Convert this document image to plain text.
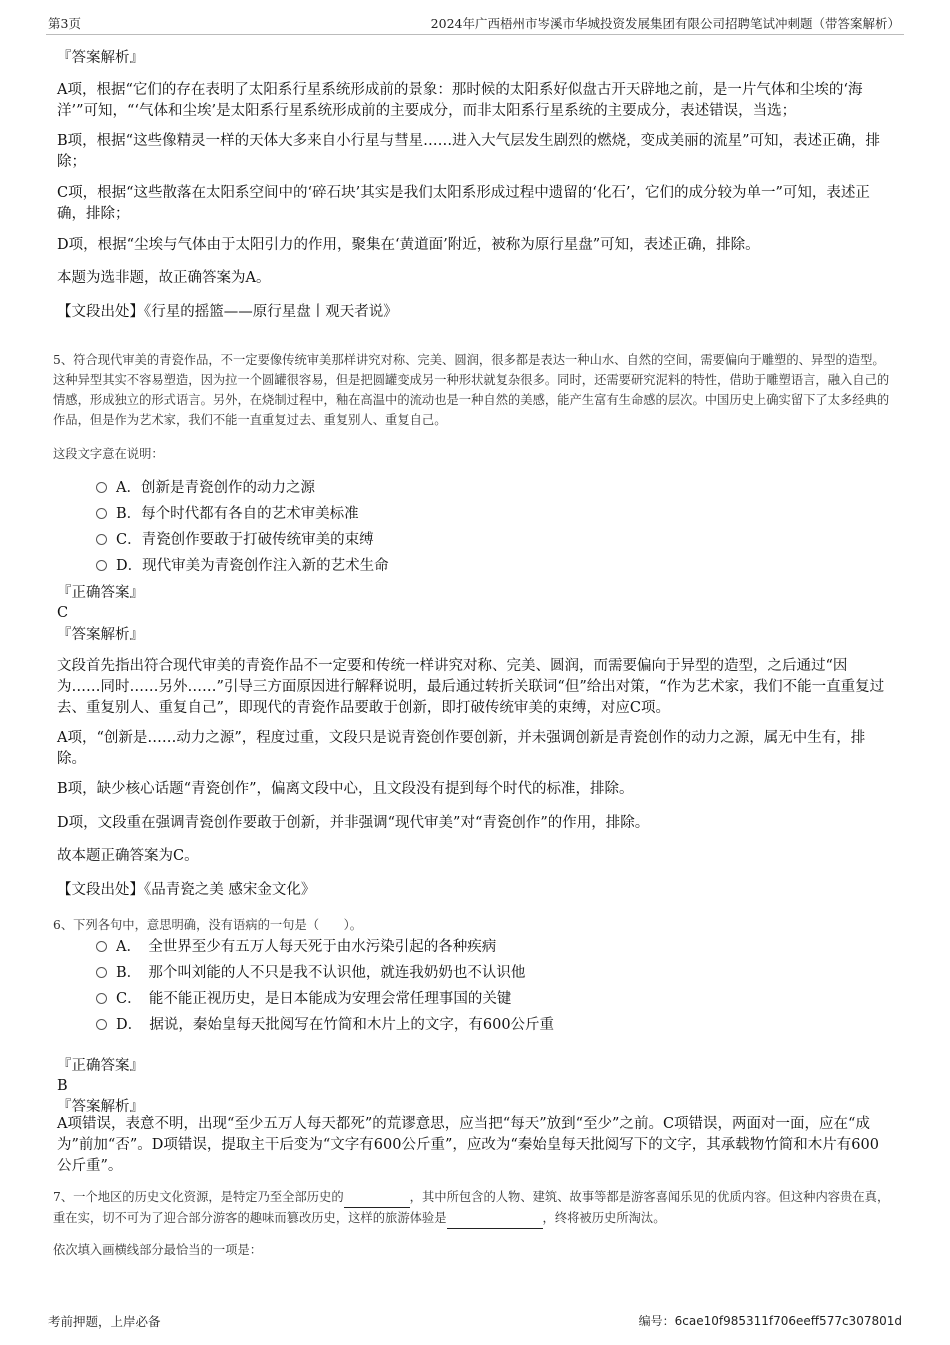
第3页	2024年广西梧州市岑溪市华城投资发展集团有限公司招聘笔试冲刺题（带答案解析）
『答案解析』
A项，根据“它们的存在表明了太阳系行星系统形成前的景象：那时候的太阳系好似盘古开天辟地之前，是一片气体和尘埃的‘海洋’”可知，“‘气体和尘埃’是太阳系行星系统形成前的主要成分，而非太阳系行星系统的主要成分，表述错误，当选；
B项，根据“这些像精灵一样的天体大多来自小行星与彗星……进入大气层发生剧烈的燃烧，变成美丽的流星”可知，表述正确，排除；
C项，根据“这些散落在太阳系空间中的‘碎石块’其实是我们太阳系形成过程中遗留的‘化石’，它们的成分较为单一”可知，表述正确，排除；
D项，根据“尘埃与气体由于太阳引力的作用，聚集在‘黄道面’附近，被称为原行星盘”可知，表述正确，排除。
本题为选非题，故正确答案为A。
【文段出处】《行星的摇篮——原行星盘丨观天者说》
5、符合现代审美的青瓷作品，不一定要像传统审美那样讲究对称、完美、圆润，很多都是表达一种山水、自然的空间，需要偏向于雕塑的、异型的造型。这种异型其实不容易塑造，因为拉一个圆罐很容易，但是把圆罐变成另一种形状就复杂很多。同时，还需要研究泥料的特性，借助于雕塑语言，融入自己的情感，形成独立的形式语言。另外，在烧制过程中，釉在高温中的流动也是一种自然的美感，能产生富有生命感的层次。中国历史上确实留下了太多经典的作品，但是作为艺术家，我们不能一直重复过去、重复别人、重复自己。
这段文字意在说明：
A．创新是青瓷创作的动力之源
B．每个时代都有各自的艺术审美标准
C．青瓷创作要敢于打破传统审美的束缚
D．现代审美为青瓷创作注入新的艺术生命
『正确答案』
C
『答案解析』
文段首先指出符合现代审美的青瓷作品不一定要和传统一样讲究对称、完美、圆润，而需要偏向于异型的造型，之后通过“因为……同时……另外……”引导三方面原因进行解释说明，最后通过转折关联词“但”给出对策，“作为艺术家，我们不能一直重复过去、重复别人、重复自己”，即现代的青瓷作品要敢于创新，即打破传统审美的束缚，对应C项。
A项，“创新是……动力之源”，程度过重，文段只是说青瓷创作要创新，并未强调创新是青瓷创作的动力之源，属无中生有，排除。
B项，缺少核心话题“青瓷创作”，偏离文段中心，且文段没有提到每个时代的标准，排除。
D项，文段重在强调青瓷创作要敢于创新，并非强调“现代审美”对“青瓷创作”的作用，排除。
故本题正确答案为C。
【文段出处】《品青瓷之美 感宋金文化》
6、下列各句中，意思明确，没有语病的一句是（　　）。
A．　全世界至少有五万人每天死于由水污染引起的各种疾病
B．　那个叫刘能的人不只是我不认识他，就连我奶奶也不认识他
C．　能不能正视历史，是日本能成为安理会常任理事国的关键
D．　据说，秦始皇每天批阅写在竹简和木片上的文字，有600公斤重
『正确答案』
B
『答案解析』
A项错误，表意不明，出现“至少五万人每天都死”的荒谬意思，应当把“每天”放到“至少”之前。C项错误，两面对一面，应在“成为”前加“否”。D项错误，提取主干后变为“文字有600公斤重”，应改为“秦始皇每天批阅写下的文字，其承载物竹简和木片有600公斤重”。
7、一个地区的历史文化资源，是特定乃至全部历史的	，其中所包含的人物、建筑、故事等都是游客喜闻乐见的优质内容。但这种内容贵在真，重在实，切不可为了迎合部分游客的趣味而篡改历史，这样的旅游体验是	，终将被历史所淘汰。
依次填入画横线部分最恰当的一项是：
考前押题，上岸必备	编号：6cae10f985311f706eeff577c307801d
